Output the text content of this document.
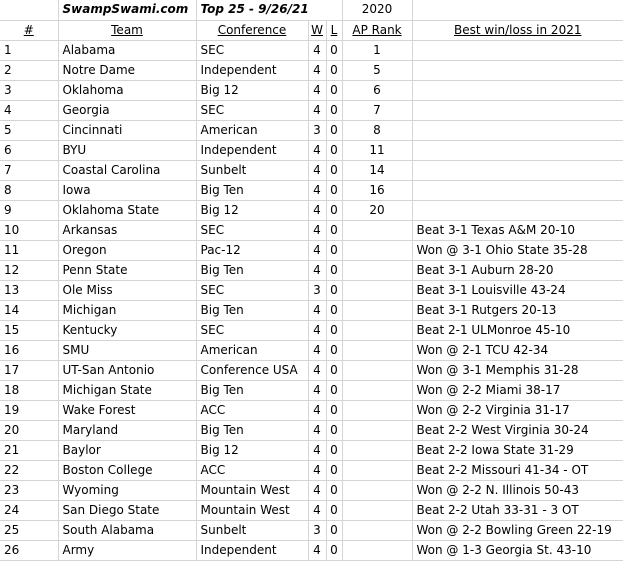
	SwampSwami.com	Top 25 - 9/26/21			2020	
#	Team	Conference	W	L	AP Rank	Best win/loss in 2021
1	Alabama	SEC	4	0	1	
2	Notre Dame	Independent	4	0	5	
3	Oklahoma	Big 12	4	0	6	
4	Georgia	SEC	4	0	7	
5	Cincinnati	American	3	0	8	
6	BYU	Independent	4	0	11	
7	Coastal Carolina	Sunbelt	4	0	14	
8	Iowa	Big Ten	4	0	16	
9	Oklahoma State	Big 12	4	0	20	
10	Arkansas	SEC	4	0		Beat 3-1 Texas A&M 20-10
11	Oregon	Pac-12	4	0		Won @ 3-1 Ohio State 35-28
12	Penn State	Big Ten	4	0		Beat 3-1 Auburn 28-20
13	Ole Miss	SEC	3	0		Beat 3-1 Louisville 43-24
14	Michigan	Big Ten	4	0		Beat 3-1 Rutgers 20-13
15	Kentucky	SEC	4	0		Beat 2-1 ULMonroe 45-10
16	SMU	American	4	0		Won @ 2-1 TCU 42-34
17	UT-San Antonio	Conference USA	4	0		Won @ 3-1 Memphis 31-28
18	Michigan State	Big Ten	4	0		Won @ 2-2 Miami 38-17
19	Wake Forest	ACC	4	0		Won @ 2-2 Virginia 31-17
20	Maryland	Big Ten	4	0		Beat 2-2 West Virginia 30-24
21	Baylor	Big 12	4	0		Beat 2-2 Iowa State 31-29
22	Boston College	ACC	4	0		Beat 2-2 Missouri 41-34 - OT
23	Wyoming	Mountain West	4	0		Won @ 2-2 N. Illinois 50-43
24	San Diego State	Mountain West	4	0		Beat 2-2 Utah 33-31 - 3 OT
25	South Alabama	Sunbelt	3	0		Won @ 2-2 Bowling Green 22-19
26	Army	Independent	4	0		Won @ 1-3 Georgia St. 43-10
